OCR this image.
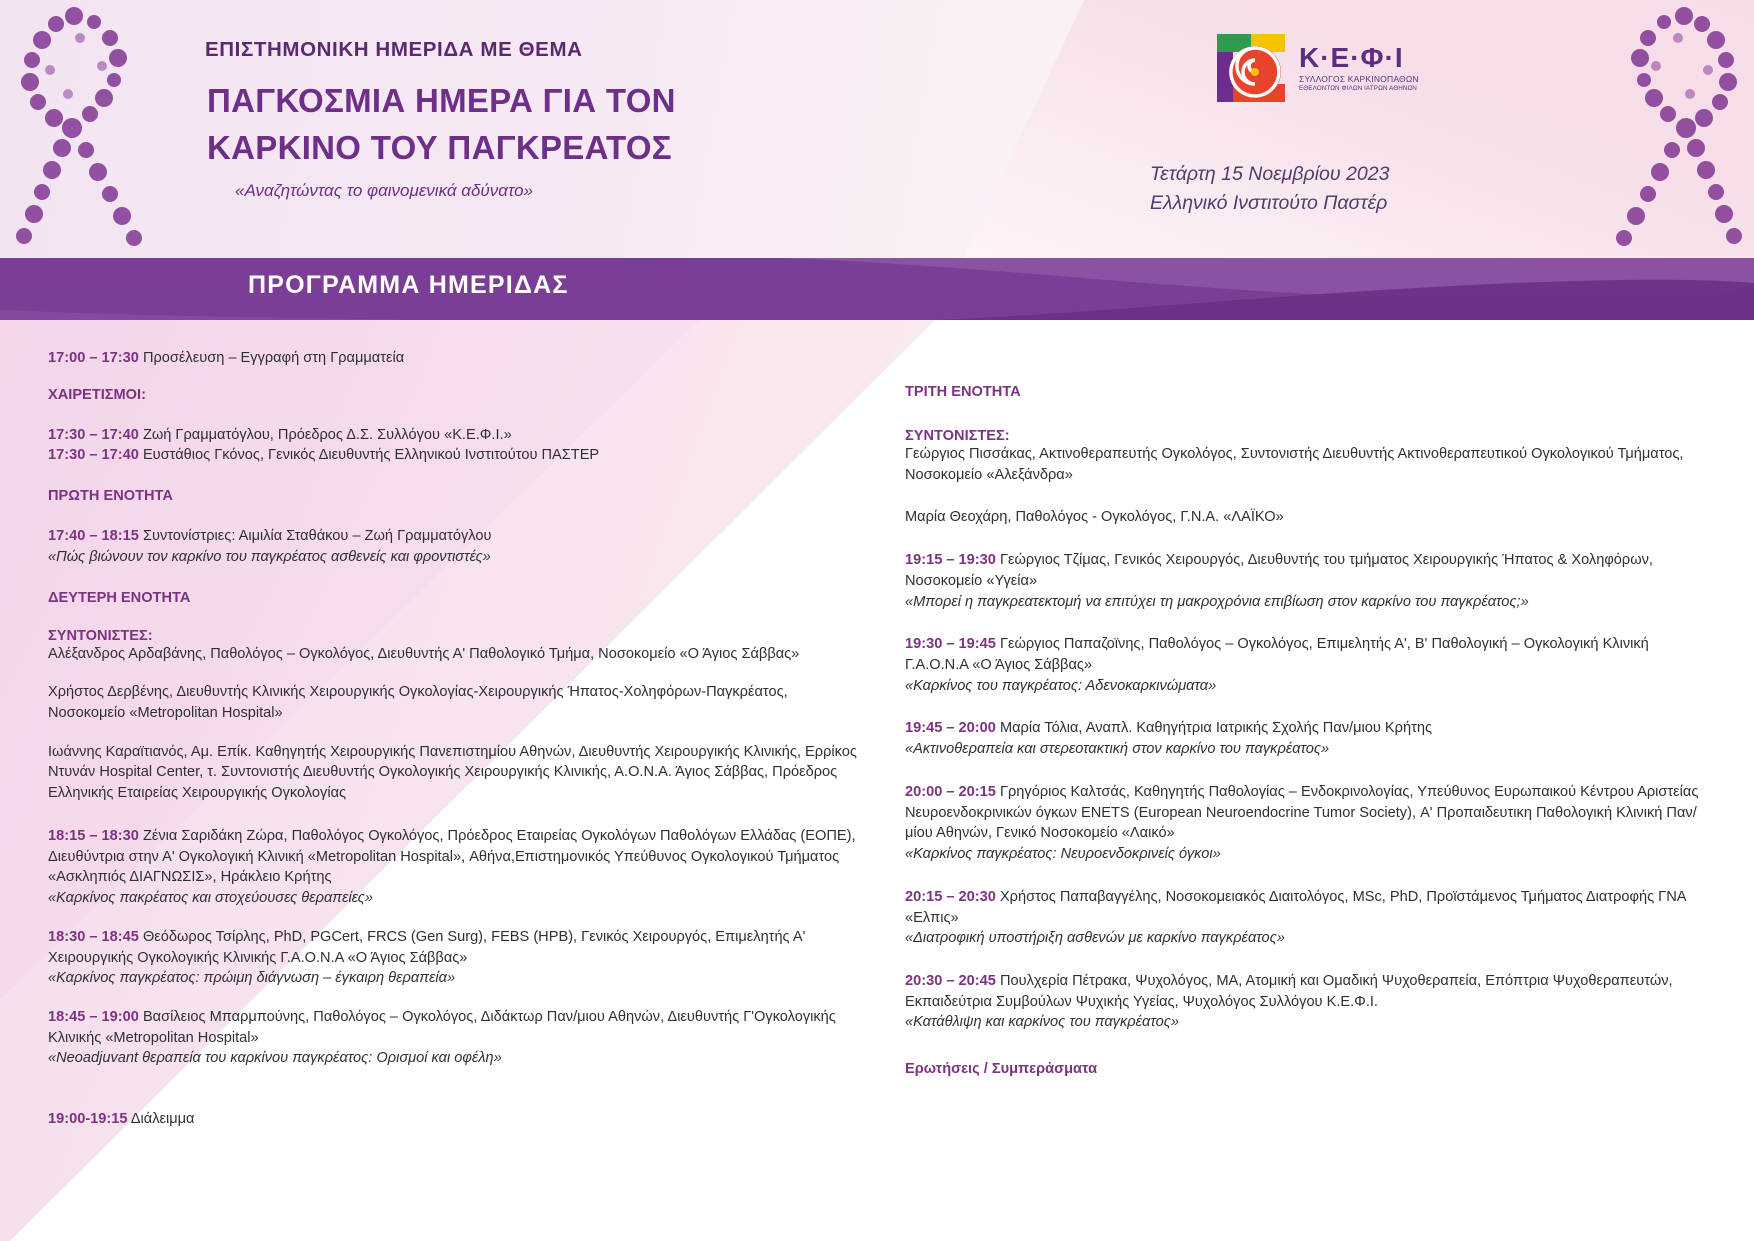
ΕΠΙΣΤΗΜΟΝΙΚΗ ΗΜΕΡΙΔΑ ΜΕ ΘΕΜΑ

ΠΑΓΚΟΣΜΙΑ ΗΜΕΡΑ ΓΙΑ ΤΟΝ

ΚΑΡΚΙΝΟ ΤΟΥ ΠΑΓΚΡΕΑΤΟΣ

«Αναζητώντας το φαινομενικά αδύνατο»

Κ·Ε·Φ·Ι
ΣΥΛΛΟΓΟΣ ΚΑΡΚΙΝΟΠΑΘΩΝ
ΕΘΕΛΟΝΤΩΝ ΦΙΛΩΝ ΙΑΤΡΩΝ ΑΘΗΝΩΝ
Τετάρτη 15 Νοεμβρίου 2023
Ελληνικό Ινστιτούτο Παστέρ
ΠΡΟΓΡΑΜΜΑ ΗΜΕΡΙΔΑΣ

17:00 – 17:30 Προσέλευση – Εγγραφή στη Γραμματεία

ΧΑΙΡΕΤΙΣΜΟΙ:

17:30 – 17:40 Ζωή Γραμματόγλου, Πρόεδρος Δ.Σ. Συλλόγου «Κ.Ε.Φ.Ι.»

17:30 – 17:40 Ευστάθιος Γκόνος, Γενικός Διευθυντής Ελληνικού Ινστιτούτου ΠΑΣΤΕΡ

ΠΡΩΤΗ ΕΝΟΤΗΤΑ

17:40 – 18:15 Συντονίστριες: Αιμιλία Σταθάκου – Ζωή Γραμματόγλου

«Πώς βιώνουν τον καρκίνο του παγκρέατος ασθενείς και φροντιστές»

ΔΕΥΤΕΡΗ ΕΝΟΤΗΤΑ

ΣΥΝΤΟΝΙΣΤΕΣ:

Αλέξανδρος Αρδαβάνης, Παθολόγος – Ογκολόγος, Διευθυντής Α' Παθολογικό Τμήμα, Νοσοκομείο «Ο Άγιος Σάββας»

Χρήστος Δερβένης, Διευθυντής Κλινικής Χειρουργικής Ογκολογίας-Χειρουργικής Ήπατος-Χοληφόρων-Παγκρέατος, Νοσοκομείο «Metropolitan Hospital»

Ιωάννης Καραϊτιανός, Αμ. Επίκ. Καθηγητής Χειρουργικής Πανεπιστημίου Αθηνών, Διευθυντής Χειρουργικής Κλινικής, Ερρίκος Ντυνάν Hospital Center, τ. Συντονιστής Διευθυντής Ογκολογικής Χειρουργικής Κλινικής, Α.Ο.Ν.Α. Άγιος Σάββας, Πρόεδρος Ελληνικής Εταιρείας Χειρουργικής Ογκολογίας

18:15 – 18:30 Ζένια Σαριδάκη Ζώρα, Παθολόγος Ογκολόγος, Πρόεδρος Εταιρείας Ογκολόγων Παθολόγων Ελλάδας (ΕΟΠΕ), Διευθύντρια στην Α' Ογκολογική Κλινική «Metropolitan Hospital», Αθήνα,Επιστημονικός Υπεύθυνος Ογκολογικού Τμήματος «Ασκληπιός ΔΙΑΓΝΩΣΙΣ», Ηράκλειο Κρήτης

«Καρκίνος πακρέατος και στοχεύουσες θεραπείες»

18:30 – 18:45 Θεόδωρος Τσίρλης, PhD, PGCert, FRCS (Gen Surg), FEBS (HPB), Γενικός Χειρουργός, Επιμελητής Α' Χειρουργικής Ογκολογικής Κλινικής Γ.Α.Ο.Ν.Α «Ο Άγιος Σάββας»

«Καρκίνος παγκρέατος: πρώιμη διάγνωση – έγκαιρη θεραπεία»

18:45 – 19:00 Βασίλειος Μπαρμπούνης, Παθολόγος – Ογκολόγος, Διδάκτωρ Παν/μιου Αθηνών, Διευθυντής Γ'Ογκολογικής Κλινικής «Metropolitan Hospital»

«Neoadjuvant θεραπεία του καρκίνου παγκρέατος: Ορισμοί και οφέλη»

19:00-19:15 Διάλειμμα

ΤΡΙΤΗ ΕΝΟΤΗΤΑ

ΣΥΝΤΟΝΙΣΤΕΣ:

Γεώργιος Πισσάκας, Ακτινοθεραπευτής Ογκολόγος, Συντονιστής Διευθυντής Ακτινοθεραπευτικού Ογκολογικού Τμήματος, Νοσοκομείο «Αλεξάνδρα»

Μαρία Θεοχάρη, Παθολόγος - Ογκολόγος, Γ.Ν.Α. «ΛΑΪΚΟ»

19:15 – 19:30 Γεώργιος Τζίμας, Γενικός Χειρουργός, Διευθυντής του τμήματος Χειρουργικής Ήπατος & Χοληφόρων, Νοσοκομείο «Υγεία»

«Μπορεί η παγκρεατεκτομή να επιτύχει τη μακροχρόνια επιβίωση στον καρκίνο του παγκρέατος;»

19:30 – 19:45 Γεώργιος Παπαζοϊνης, Παθολόγος – Ογκολόγος, Επιμελητής Α', Β' Παθολογική – Ογκολογική Κλινική Γ.Α.Ο.Ν.Α «Ο Άγιος Σάββας»

«Καρκίνος του παγκρέατος: Αδενοκαρκινώματα»

19:45 – 20:00 Μαρία Τόλια, Αναπλ. Καθηγήτρια Ιατρικής Σχολής Παν/μιου Κρήτης

«Ακτινοθεραπεία και στερεοτακτική στον καρκίνο του παγκρέατος»

20:00 – 20:15 Γρηγόριος Καλτσάς, Καθηγητής Παθολογίας – Ενδοκρινολογίας, Υπεύθυνος Ευρωπαικού Κέντρου Αριστείας Νευροενδοκρινικών όγκων ΕΝΕΤS (European Neuroendocrine Tumor Society), Α' Προπαιδευτικη Παθολογική Κλινική Παν/μίου Αθηνών, Γενικό Νοσοκομείο «Λαικό»

«Καρκίνος παγκρέατος: Νευροενδοκρινείς όγκοι»

20:15 – 20:30 Χρήστος Παπαβαγγέλης, Νοσοκομειακός Διαιτολόγος, MSc, PhD, Προϊστάμενος Τμήματος Διατροφής ΓΝΑ «Ελπις»

«Διατροφική υποστήριξη ασθενών με καρκίνο παγκρέατος»

20:30 – 20:45 Πουλχερία Πέτρακα, Ψυχολόγος, ΜΑ, Ατομική και Ομαδική Ψυχοθεραπεία, Επόπτρια Ψυχοθεραπευτών, Εκπαιδεύτρια Συμβούλων Ψυχικής Υγείας, Ψυχολόγος Συλλόγου Κ.Ε.Φ.Ι.

«Κατάθλιψη και καρκίνος του παγκρέατος»

Ερωτήσεις / Συμπεράσματα
